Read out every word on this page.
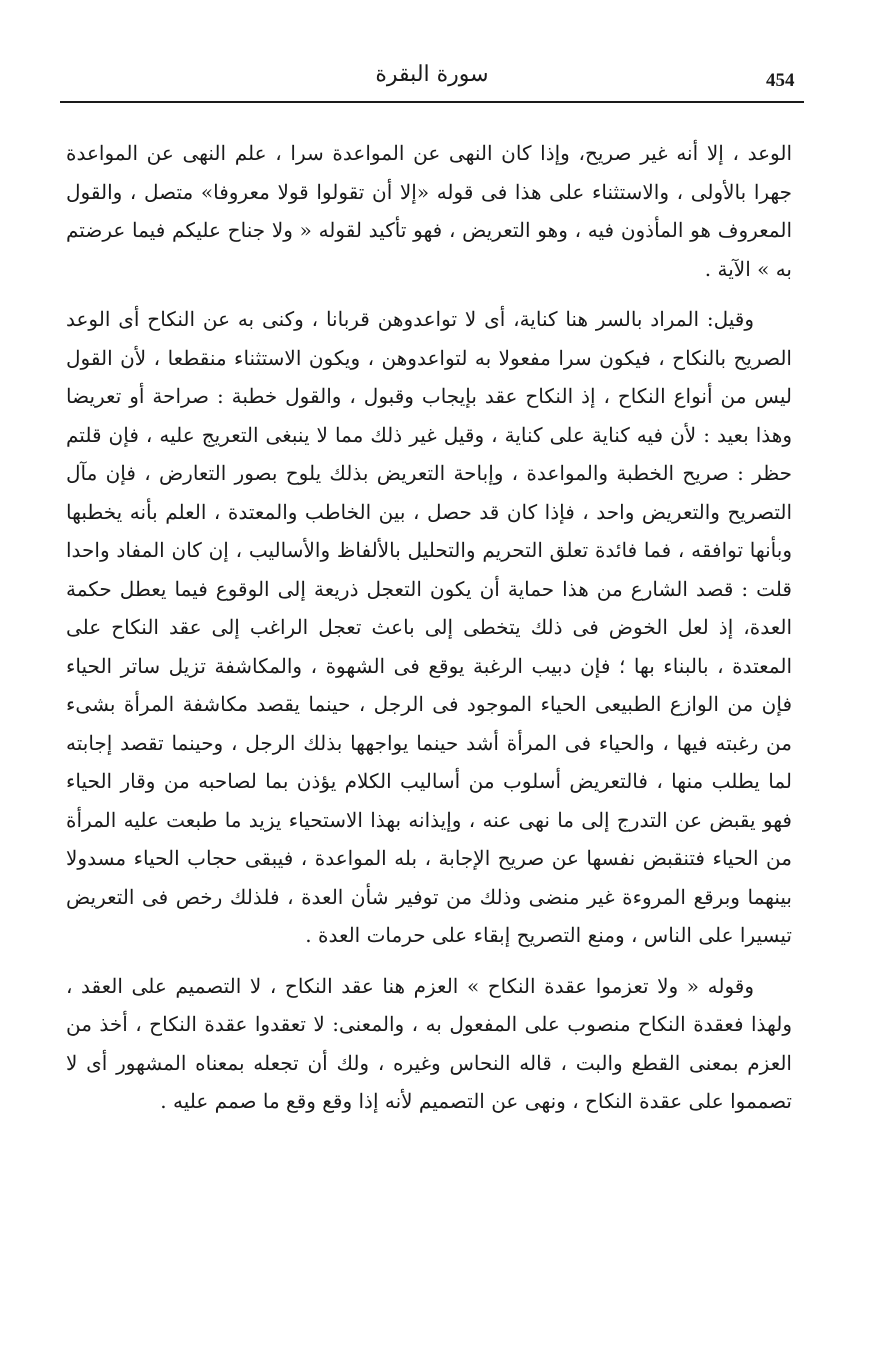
سورة البقرة	454

الوعد ، إلا أنه غير صريح، وإذا كان النهى عن المواعدة سرا ، علم النهى عن المواعدة جهرا بالأولى ، والاستثناء على هذا فى قوله «إلا أن تقولوا قولا معروفا» متصل ، والقول المعروف هو المأذون فيه ، وهو التعريض ، فهو تأكيد لقوله « ولا جناح عليكم فيما عرضتم به » الآية .

وقيل: المراد بالسر هنا كناية، أى لا تواعدوهن قربانا ، وكنى به عن النكاح أى الوعد الصريح بالنكاح ، فيكون سرا مفعولا به لتواعدوهن ، ويكون الاستثناء منقطعا ، لأن القول ليس من أنواع النكاح ، إذ النكاح عقد بإيجاب وقبول ، والقول خطبة : صراحة أو تعريضا وهذا بعيد : لأن فيه كناية على كناية ، وقيل غير ذلك مما لا ينبغى التعريج عليه ، فإن قلتم حظر : صريح الخطبة والمواعدة ، وإباحة التعريض بذلك يلوح بصور التعارض ، فإن مآل التصريح والتعريض واحد ، فإذا كان قد حصل ، بين الخاطب والمعتدة ، العلم بأنه يخطبها وبأنها توافقه ، فما فائدة تعلق التحريم والتحليل بالألفاظ والأساليب ، إن كان المفاد واحدا قلت : قصد الشارع من هذا حماية أن يكون التعجل ذريعة إلى الوقوع فيما يعطل حكمة العدة، إذ لعل الخوض فى ذلك يتخطى إلى باعث تعجل الراغب إلى عقد النكاح على المعتدة ، بالبناء بها ؛ فإن دبيب الرغبة يوقع فى الشهوة ، والمكاشفة تزيل ساتر الحياء فإن من الوازع الطبيعى الحياء الموجود فى الرجل ، حينما يقصد مكاشفة المرأة بشىء من رغبته فيها ، والحياء فى المرأة أشد حينما يواجهها بذلك الرجل ، وحينما تقصد إجابته لما يطلب منها ، فالتعريض أسلوب من أساليب الكلام يؤذن بما لصاحبه من وقار الحياء فهو يقبض عن التدرج إلى ما نهى عنه ، وإيذانه بهذا الاستحياء يزيد ما طبعت عليه المرأة من الحياء فتنقبض نفسها عن صريح الإجابة ، بله المواعدة ، فيبقى حجاب الحياء مسدولا بينهما وبرقع المروءة غير منضى وذلك من توفير شأن العدة ، فلذلك رخص فى التعريض تيسيرا على الناس ، ومنع التصريح إبقاء على حرمات العدة .

وقوله « ولا تعزموا عقدة النكاح » العزم هنا عقد النكاح ، لا التصميم على العقد ، ولهذا فعقدة النكاح منصوب على المفعول به ، والمعنى: لا تعقدوا عقدة النكاح ، أخذ من العزم بمعنى القطع والبت ، قاله النحاس وغيره ، ولك أن تجعله بمعناه المشهور أى لا تصمموا على عقدة النكاح ، ونهى عن التصميم لأنه إذا وقع وقع ما صمم عليه .
